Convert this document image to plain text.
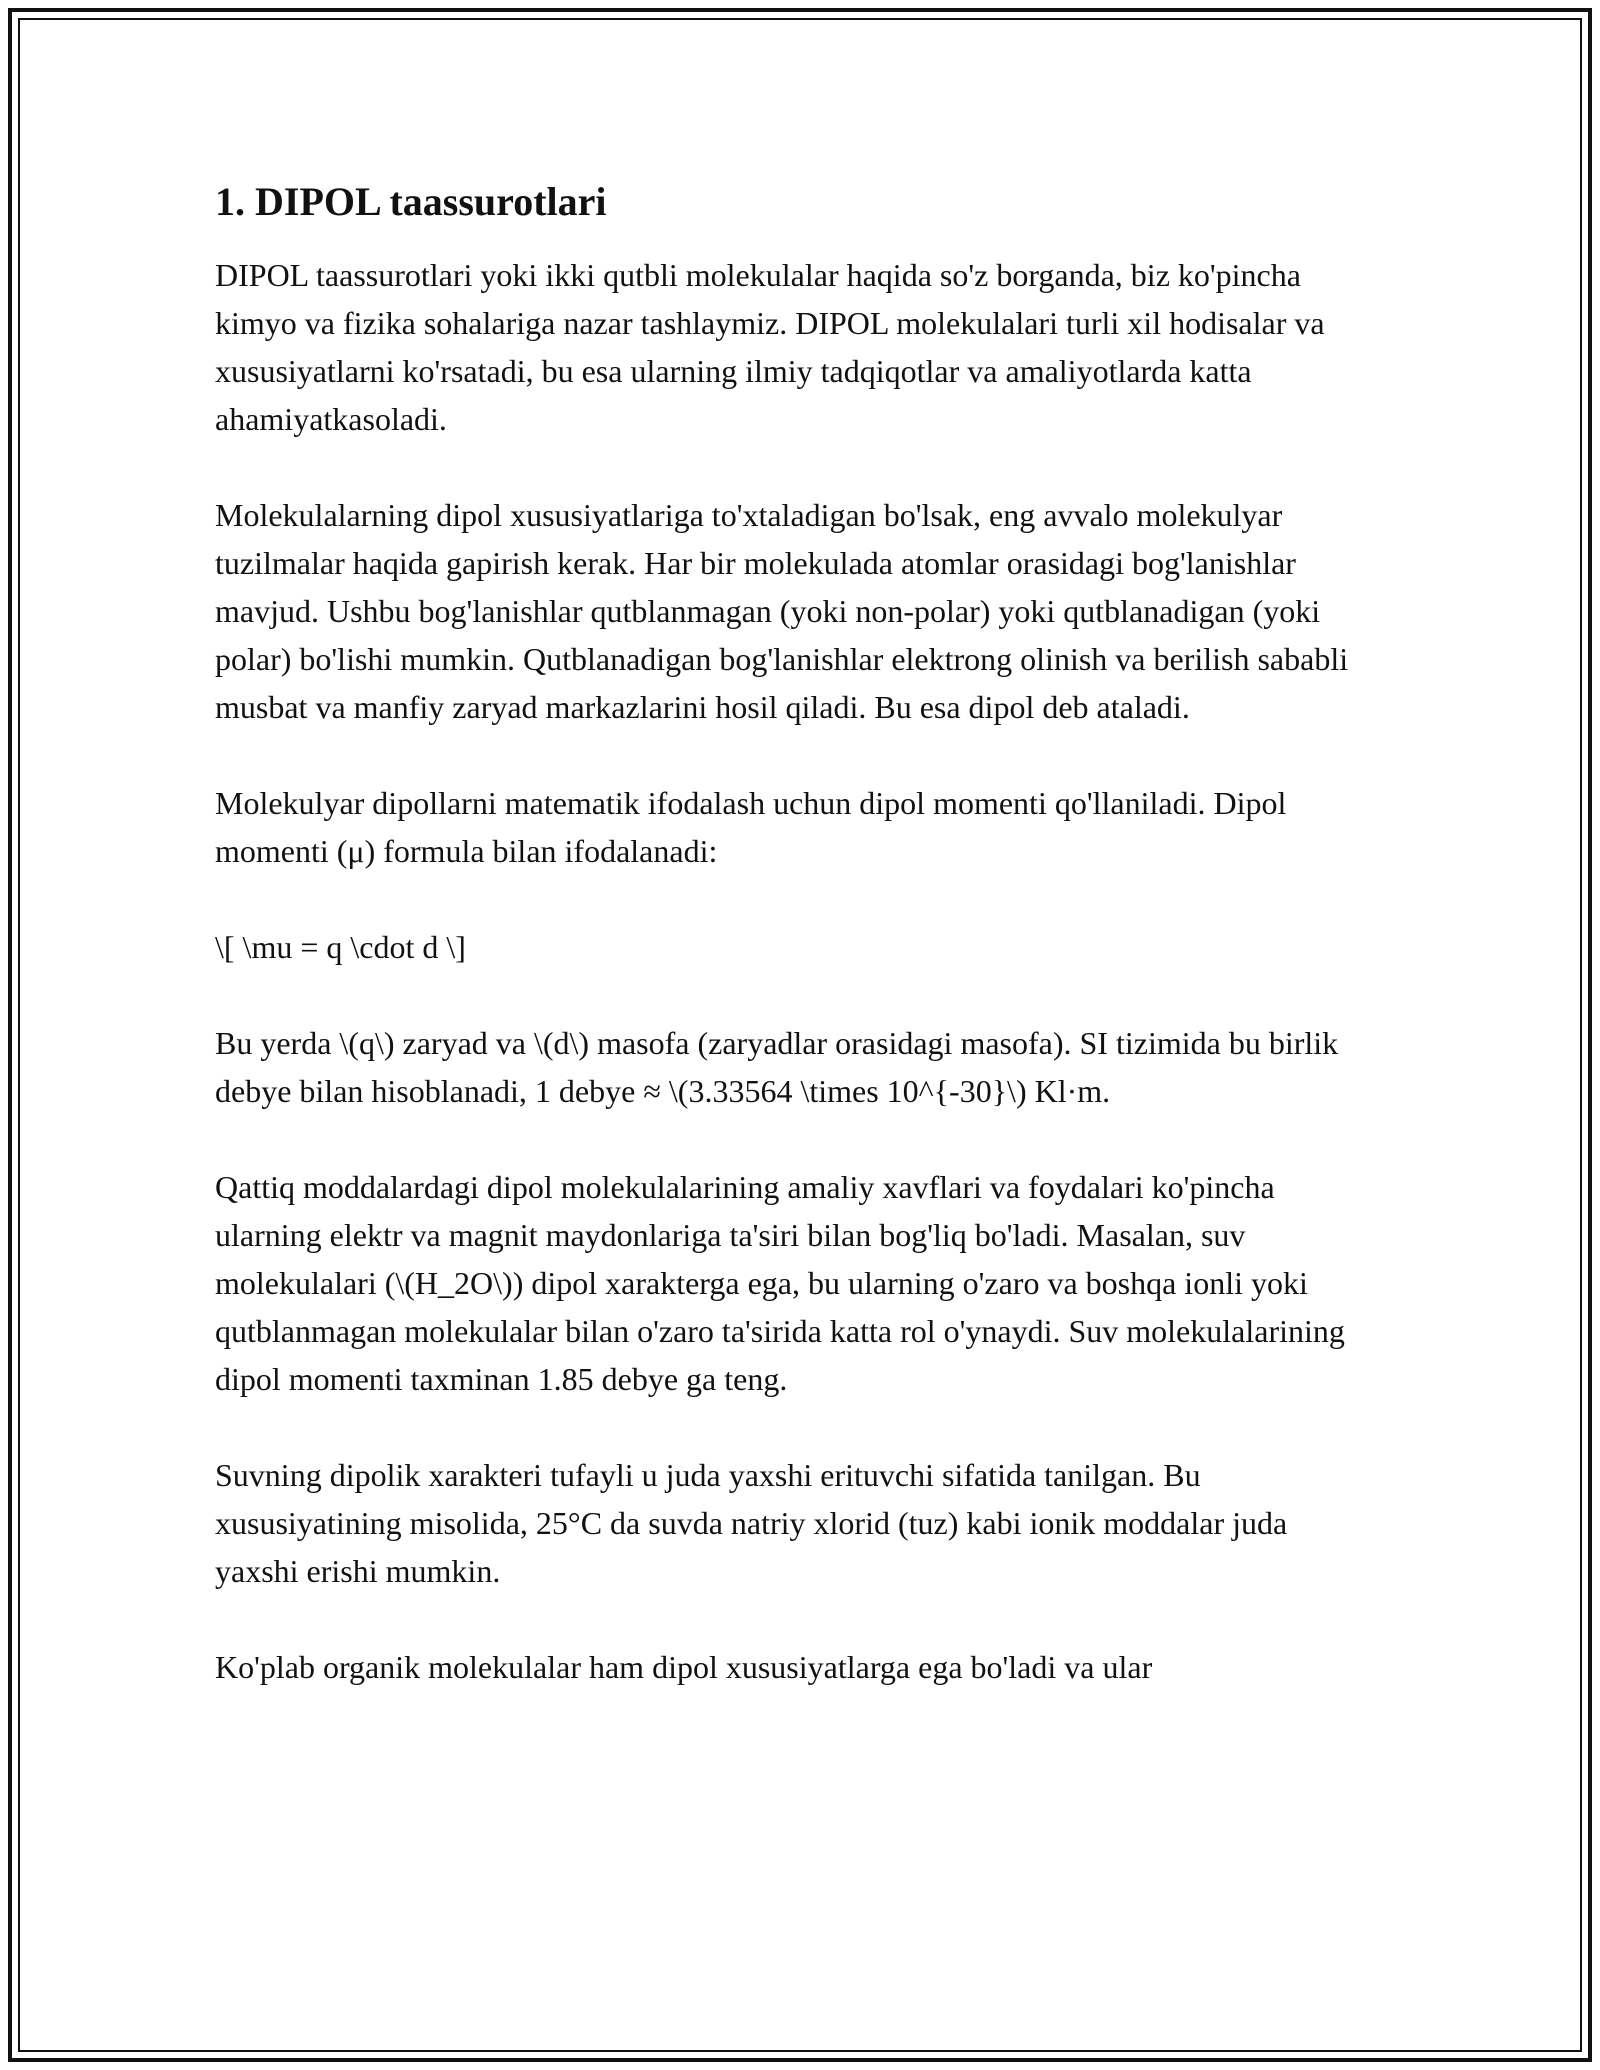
1. DIPOL taassurotlari

DIPOL taassurotlari yoki ikki qutbli molekulalar haqida so'z borganda, biz ko'pincha kimyo va fizika sohalariga nazar tashlaymiz. DIPOL molekulalari turli xil hodisalar va xususiyatlarni ko'rsatadi, bu esa ularning ilmiy tadqiqotlar va amaliyotlarda katta ahamiyatkasoladi.

Molekulalarning dipol xususiyatlariga to'xtaladigan bo'lsak, eng avvalo molekulyar tuzilmalar haqida gapirish kerak. Har bir molekulada atomlar orasidagi bog'lanishlar mavjud. Ushbu bog'lanishlar qutblanmagan (yoki non-polar) yoki qutblanadigan (yoki polar) bo'lishi mumkin. Qutblanadigan bog'lanishlar elektrong olinish va berilish sababli musbat va manfiy zaryad markazlarini hosil qiladi. Bu esa dipol deb ataladi.

Molekulyar dipollarni matematik ifodalash uchun dipol momenti qo'llaniladi. Dipol momenti (μ) formula bilan ifodalanadi:

\[ \mu = q \cdot d \]

Bu yerda \(q\) zaryad va \(d\) masofa (zaryadlar orasidagi masofa). SI tizimida bu birlik debye bilan hisoblanadi, 1 debye ≈ \(3.33564 \times 10^{-30}\) Kl·m.

Qattiq moddalardagi dipol molekulalarining amaliy xavflari va foydalari ko'pincha ularning elektr va magnit maydonlariga ta'siri bilan bog'liq bo'ladi. Masalan, suv molekulalari (\(H_2O\)) dipol xarakterga ega, bu ularning o'zaro va boshqa ionli yoki qutblanmagan molekulalar bilan o'zaro ta'sirida katta rol o'ynaydi. Suv molekulalarining dipol momenti taxminan 1.85 debye ga teng.

Suvning dipolik xarakteri tufayli u juda yaxshi erituvchi sifatida tanilgan. Bu xususiyatining misolida, 25°C da suvda natriy xlorid (tuz) kabi ionik moddalar juda yaxshi erishi mumkin.

Ko'plab organik molekulalar ham dipol xususiyatlarga ega bo'ladi va ular
